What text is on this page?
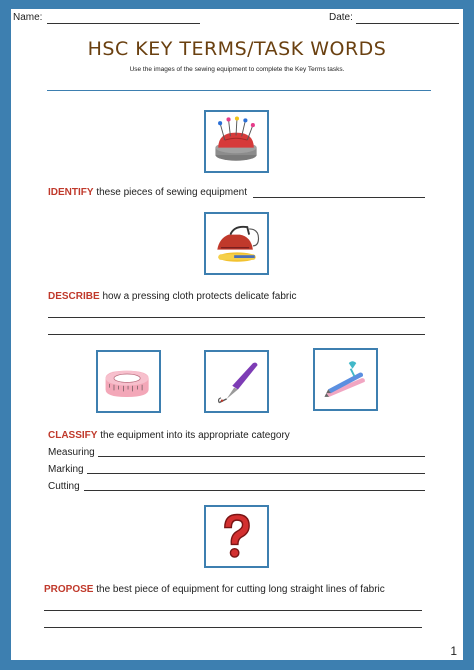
Name:	Date:
HSC KEY TERMS/TASK WORDS
Use the images of the sewing equipment to complete the Key Terms tasks.
IDENTIFY these pieces of sewing equipment
DESCRIBE how a pressing cloth protects delicate fabric
CLASSIFY the equipment into its appropriate category
Measuring
Marking
Cutting
PROPOSE the best piece of equipment for cutting long straight lines of fabric
1
